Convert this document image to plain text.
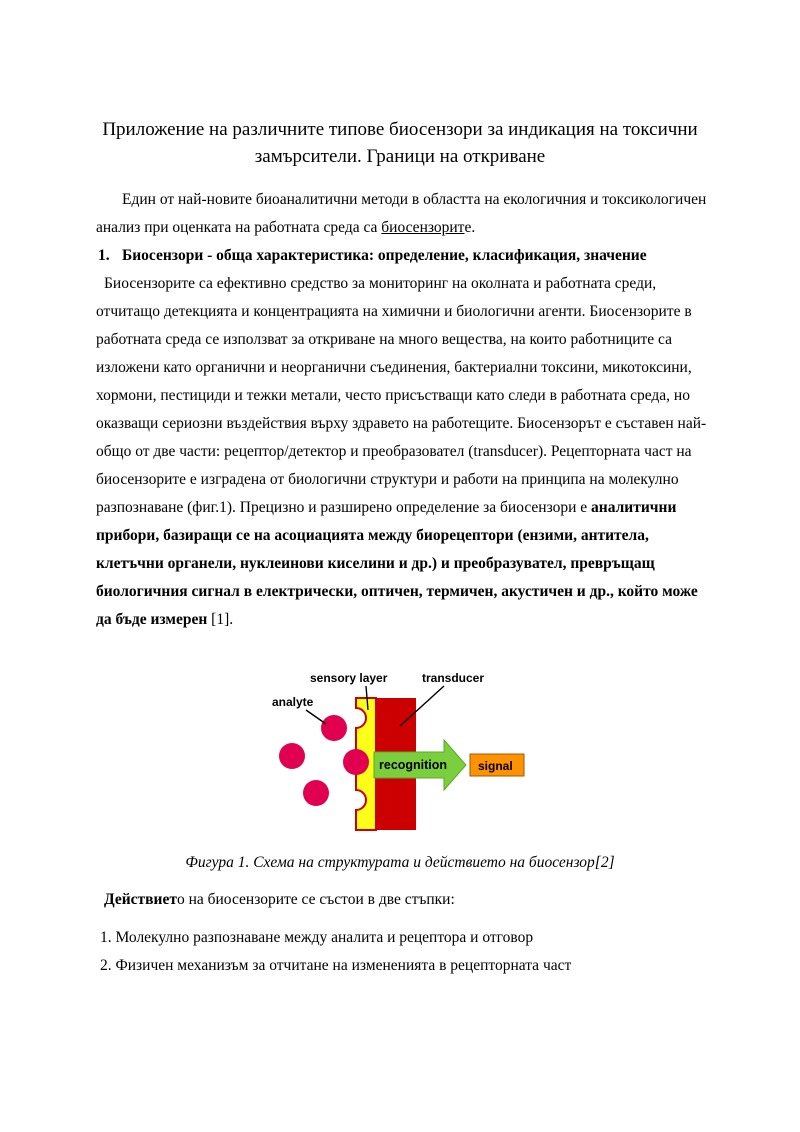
Приложение на различните типове биосензори за индикация на токсични
замърсители. Граници на откриване

Един от най-новите биоаналитични методи в областта на екологичния и токсикологичен анализ при оценката на работната среда са биосензорите.

1. Биосензори - обща характеристика: определение, класификация, значение

Биосензорите са ефективно средство за мониторинг на околната и работната среди, отчитащо детекцията и концентрацията на химични и биологични агенти. Биосензорите в работната среда се използват за откриване на много вещества, на които работниците са изложени като органични и неорганични съединения, бактериални токсини, микотоксини, хормони, пестициди и тежки метали, често присъстващи като следи в работната среда, но оказващи сериозни въздействия върху здравето на работещите. Биосензорът е съставен най- общо от две части: рецептор/детектор и преобразовател (transducer). Рецепторната част на биосензорите е изградена от биологични структури и работи на принципа на молекулно разпознаване (фиг.1). Прецизно и разширено определение за биосензори е аналитични прибори, базиращи се на асоциацията между биорецептори (ензими, антитела, клетъчни органели, нуклеинови киселини и др.) и преобразувател, превръщащ биологичния сигнал в електрически, оптичен, термичен, акустичен и др., който може да бъде измерен [1].

recognition	signal
sensory layer	transducer
analyte
Фигура 1. Схема на структурата и действието на биосензор[2]
Действието на биосензорите се състои в две стъпки:
1. Молекулно разпознаване между аналита и рецептора и отговор
2. Физичен механизъм за отчитане на измененията в рецепторната част
